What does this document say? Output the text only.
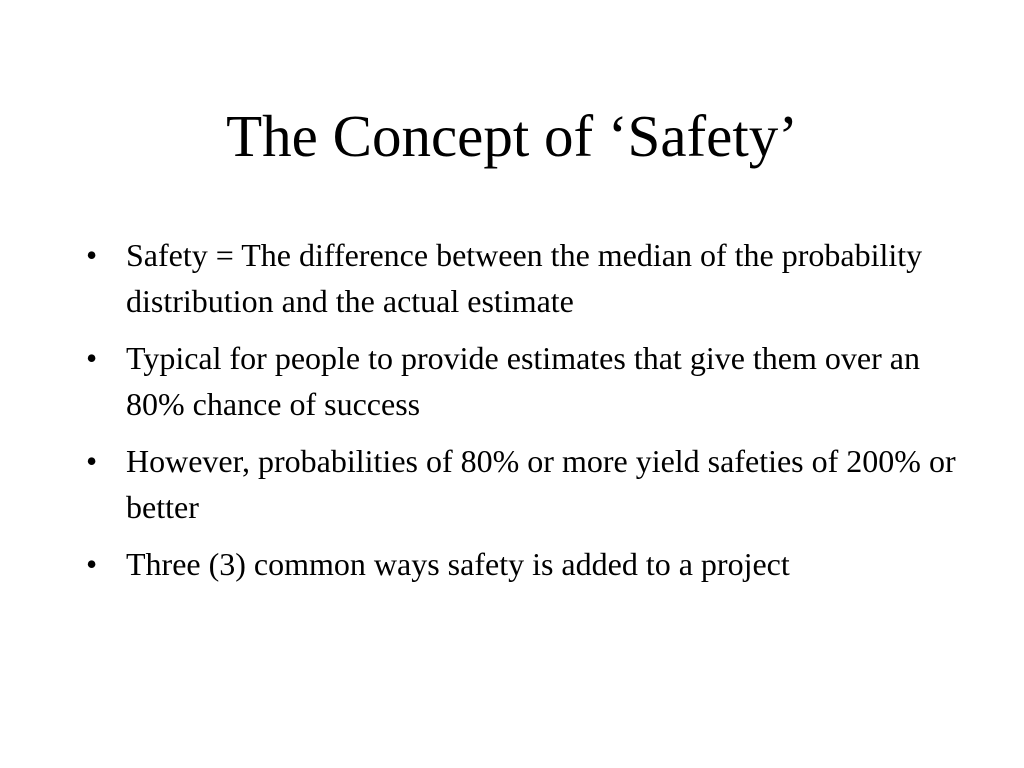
The Concept of ‘Safety’
• Safety = The difference between the median of the probability distribution and the actual estimate
• Typical for people to provide estimates that give them over an 80% chance of success
• However, probabilities of 80% or more yield safeties of 200% or better
• Three (3) common ways safety is added to a project
